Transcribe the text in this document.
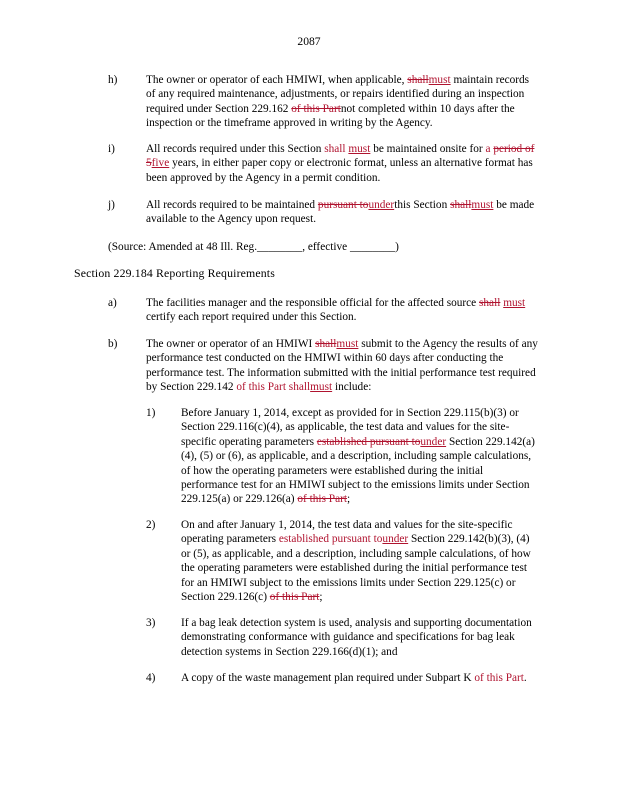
2087
h)	The owner or operator of each HMIWI, when applicable, shallmust maintain records of any required maintenance, adjustments, or repairs identified during an inspection required under Section 229.162 of this Partnot completed within 10 days after the inspection or the timeframe approved in writing by the Agency.
i)	All records required under this Section shall must be maintained onsite for a period of 5five years, in either paper copy or electronic format, unless an alternative format has been approved by the Agency in a permit condition.
j)	All records required to be maintained pursuant tounderthis Section shallmust be made available to the Agency upon request.
(Source: Amended at 48 Ill. Reg.________, effective ________)
Section 229.184 Reporting Requirements
a)	The facilities manager and the responsible official for the affected source shall must certify each report required under this Section.
b)	The owner or operator of an HMIWI shallmust submit to the Agency the results of any performance test conducted on the HMIWI within 60 days after conducting the performance test. The information submitted with the initial performance test required by Section 229.142 of this Part shallmust include:
1) Before January 1, 2014, except as provided for in Section 229.115(b)(3) or Section 229.116(c)(4), as applicable, the test data and values for the site-specific operating parameters established pursuant tounder Section 229.142(a)(4), (5) or (6), as applicable, and a description, including sample calculations, of how the operating parameters were established during the initial performance test for an HMIWI subject to the emissions limits under Section 229.125(a) or 229.126(a) of this Part;
2) On and after January 1, 2014, the test data and values for the site-specific operating parameters established pursuant tounder Section 229.142(b)(3), (4) or (5), as applicable, and a description, including sample calculations, of how the operating parameters were established during the initial performance test for an HMIWI subject to the emissions limits under Section 229.125(c) or Section 229.126(c) of this Part;
3) If a bag leak detection system is used, analysis and supporting documentation demonstrating conformance with guidance and specifications for bag leak detection systems in Section 229.166(d)(1); and
4) A copy of the waste management plan required under Subpart K of this Part.
